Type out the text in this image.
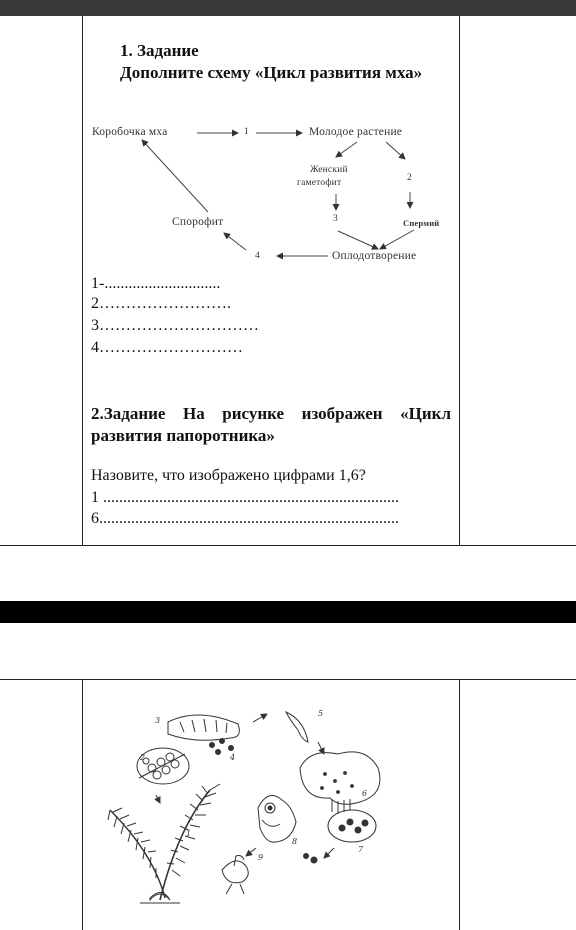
1. Задание
Дополните схему «Цикл развития мха»
Коробочка мха	1	Молодое растение
Женский
гаметофит	2
3	Спермий
Спорофит
4	Оплодотворение
1-.............................
2…………………….
3…………………………
4………………………
2.Задание На рисунке изображен «Цикл развития папоротника»
Назовите, что изображено цифрами 1,6?
1 ..........................................................................
6...........................................................................
1
2
3
4
5
6
7
8
9
